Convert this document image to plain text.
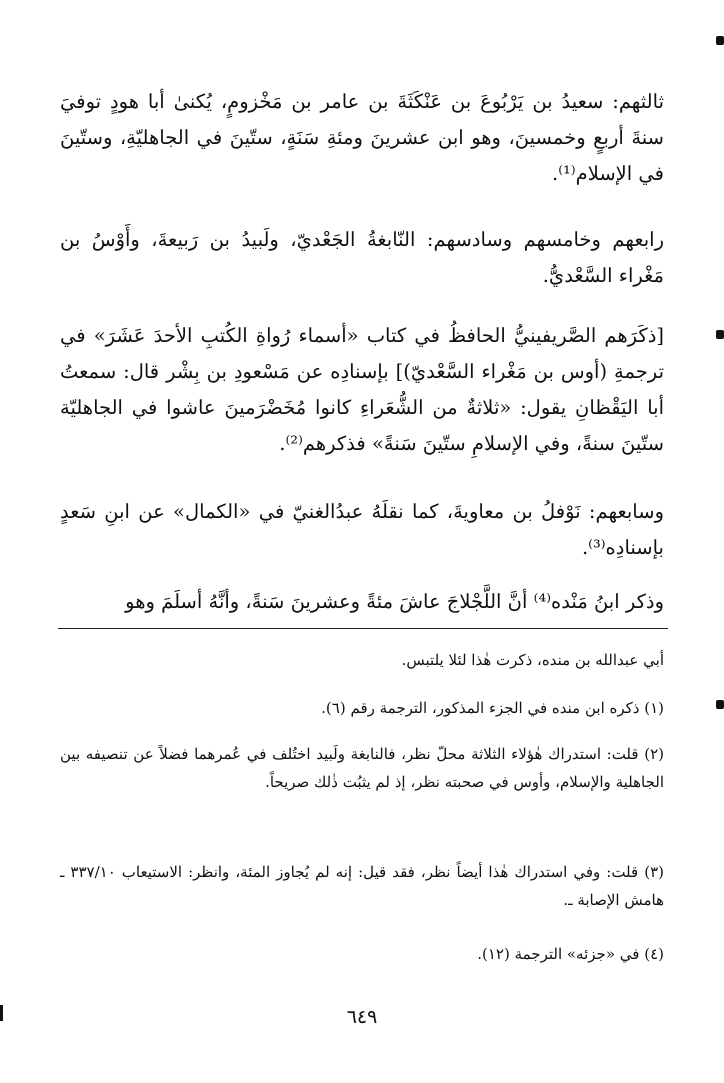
ثالثهم: سعيدُ بن يَرْبُوعَ بن عَنْكَثَةَ بن عامر بن مَخْزومٍ، يُكنىٰ أبا هودٍ توفيَ سنةَ أربعٍ وخمسينَ، وهو ابن عشرينَ ومئةِ سَنَةٍ، ستّينَ في الجاهليّةِ، وستّينَ في الإسلام⁽¹⁾.

رابعهم وخامسهم وسادسهم: النّابغةُ الجَعْديّ، ولَبيدُ بن رَبيعةَ، وأَوْسُ بن مَغْراء السَّعْديُّ.

[ذكَرَهم الصَّريفينيُّ الحافظُ في كتاب «أسماء رُواةِ الكُتبِ الأحدَ عَشَرَ» في ترجمةِ (أوس بن مَغْراء السَّعْديّ)] بإسنادِه عن مَسْعودِ بن بِشْر قال: سمعتُ أبا اليَقْظانِ يقول: «ثلاثةٌ من الشُّعَراءِ كانوا مُخَضْرَمينَ عاشوا في الجاهليّة ستّينَ سنةً، وفي الإسلامِ ستّينَ سَنةً» فذكرهم⁽²⁾.

وسابعهم: نَوْفلُ بن معاويةَ، كما نقلَهُ عبدُالغنيّ في «الكمال» عن ابنِ سَعدٍ بإسنادِه⁽³⁾.

وذكر ابنُ مَنْده⁽⁴⁾ أنَّ اللَّجْلاجَ عاشَ مئةً وعشرينَ سَنةً، وأنَّهُ أسلَمَ وهو

أبي عبدالله بن منده، ذكرت هٰذا لئلا يلتبس.

(١) ذكره ابن منده في الجزء المذكور، الترجمة رقم (٦).

(٢) قلت: استدراك هٰؤلاء الثلاثة محلّ نظر، فالنابغة ولَبيد اختُلف في عُمرهما فضلاً عن تنصيفه بين الجاهلية والإسلام، وأوس في صحبته نظر، إذ لم يثبُت ذٰلك صريحاً.

(٣) قلت: وفي استدراك هٰذا أيضاً نظر، فقد قيل: إنه لم يُجاوز المئة، وانظر: الاستيعاب ٣٣٧/١٠ ـ هامش الإصابة ـ.

(٤) في «جزئه» الترجمة (١٢).

٦٤٩
